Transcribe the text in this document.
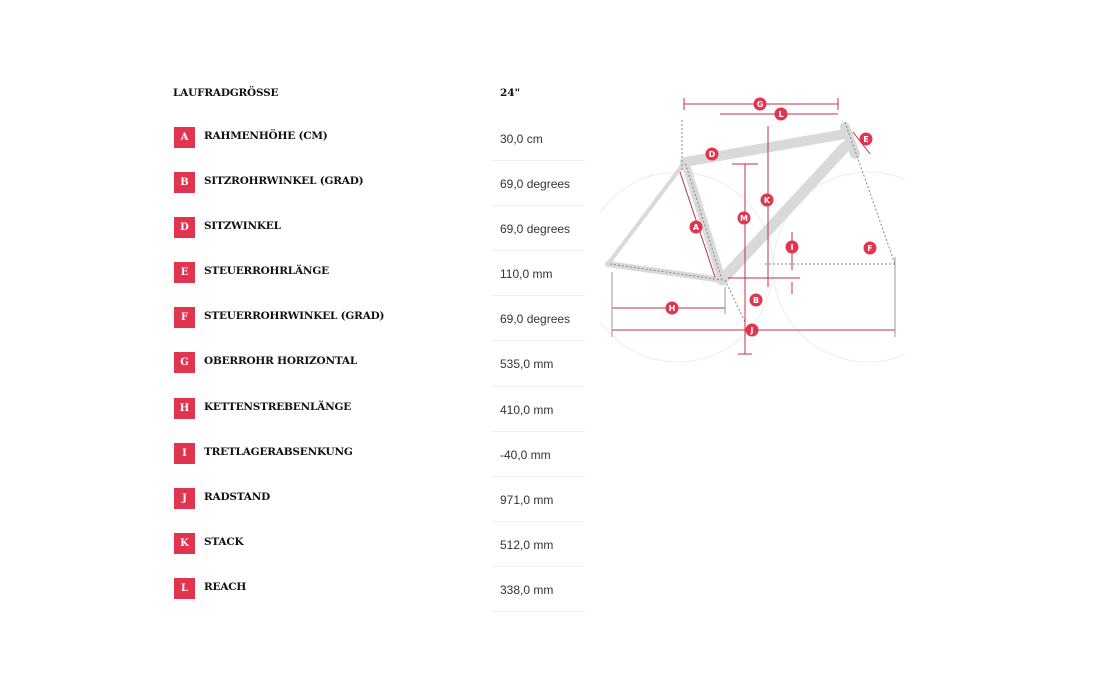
LAUFRADGRÖSSE	24"
A	RAHMENHÖHE (CM)	30,0 cm
B	SITZROHRWINKEL (GRAD)	69,0 degrees
D	SITZWINKEL	69,0 degrees
E	STEUERROHRLÄNGE	110,0 mm
F	STEUERROHRWINKEL (GRAD)	69,0 degrees
G	OBERROHR HORIZONTAL	535,0 mm
H	KETTENSTREBENLÄNGE	410,0 mm
I	TRETLAGERABSENKUNG	-40,0 mm
J	RADSTAND	971,0 mm
K	STACK	512,0 mm
L	REACH	338,0 mm
G
L
E
D
K
M
A
I	F
B
H
J
